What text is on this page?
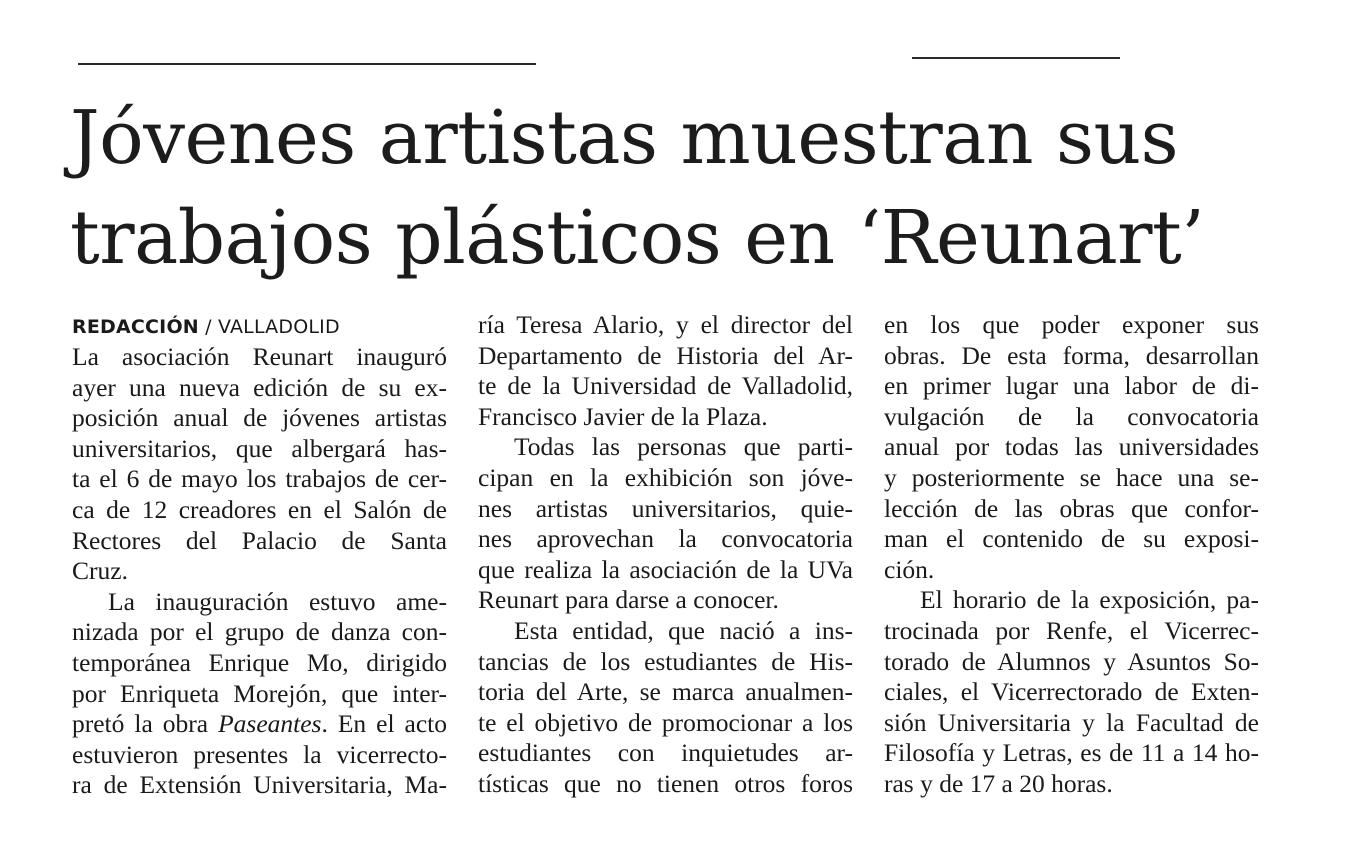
Jóvenes artistas muestran sus
trabajos plásticos en ‘Reunart’
REDACCIÓN / VALLADOLID

La asociación Reunart inauguró
ayer una nueva edición de su ex-
posición anual de jóvenes artistas
universitarios, que albergará has-
ta el 6 de mayo los trabajos de cer-
ca de 12 creadores en el Salón de
Rectores del Palacio de Santa
Cruz.

La inauguración estuvo ame-
nizada por el grupo de danza con-
temporánea Enrique Mo, dirigido
por Enriqueta Morejón, que inter-
pretó la obra Paseantes. En el acto
estuvieron presentes la vicerrecto-
ra de Extensión Universitaria, Ma-

ría Teresa Alario, y el director del
Departamento de Historia del Ar-
te de la Universidad de Valladolid,
Francisco Javier de la Plaza.

Todas las personas que parti-
cipan en la exhibición son jóve-
nes artistas universitarios, quie-
nes aprovechan la convocatoria
que realiza la asociación de la UVa
Reunart para darse a conocer.

Esta entidad, que nació a ins-
tancias de los estudiantes de His-
toria del Arte, se marca anualmen-
te el objetivo de promocionar a los
estudiantes con inquietudes ar-
tísticas que no tienen otros foros

en los que poder exponer sus
obras. De esta forma, desarrollan
en primer lugar una labor de di-
vulgación de la convocatoria
anual por todas las universidades
y posteriormente se hace una se-
lección de las obras que confor-
man el contenido de su exposi-
ción.

El horario de la exposición, pa-
trocinada por Renfe, el Vicerrec-
torado de Alumnos y Asuntos So-
ciales, el Vicerrectorado de Exten-
sión Universitaria y la Facultad de
Filosofía y Letras, es de 11 a 14 ho-
ras y de 17 a 20 horas.
